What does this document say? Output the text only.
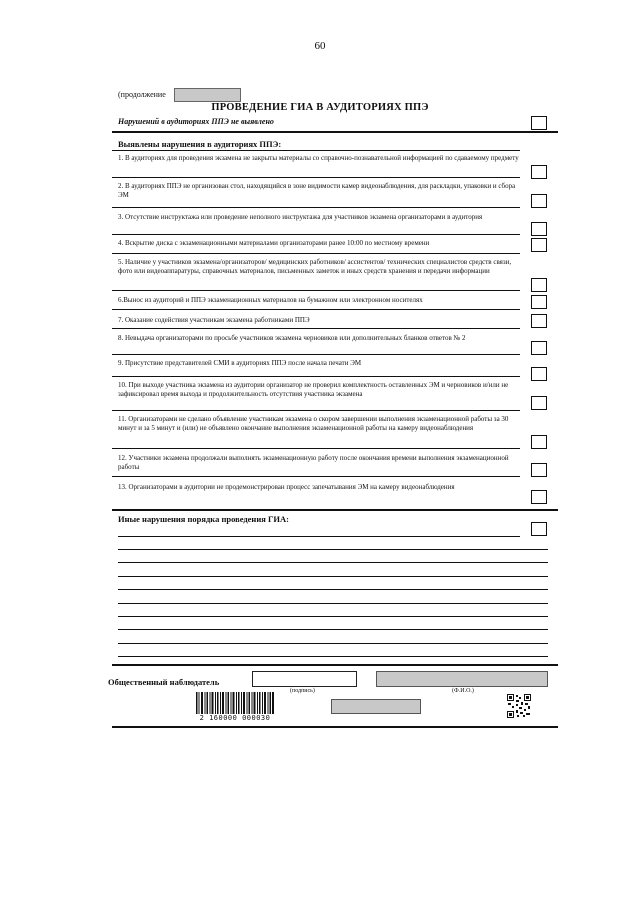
60
(продолжение
ПРОВЕДЕНИЕ ГИА В АУДИТОРИЯХ ППЭ
Нарушений в аудиториях ППЭ не выявлено
Выявлены нарушения в аудиториях ППЭ:
1. В аудиториях для проведения экзамена не закрыты материалы со справочно-познавательной информацией по сдаваемому предмету
2. В аудиториях ППЭ не организован стол, находящийся в зоне видимости камер видеонаблюдения, для раскладки, упаковки и сбора ЭМ
3. Отсутствие инструктажа или проведение неполного инструктажа для участников экзамена организаторами в аудитория
4. Вскрытие диска с экзаменационными материалами организаторами ранее 10:00 по местному времени
5. Наличие у участников экзамена/организаторов/ медицинских работников/ ассистентов/ технических специалистов средств связи, фото или видеоаппаратуры, справочных материалов, письменных заметок и иных средств хранения и передачи информации
6.Вынос из аудиторий и ППЭ экзаменационных материалов на бумажном или электронном носителях
7. Оказание содействия участникам экзамена работниками ППЭ
8. Невыдача организаторами по просьбе участников экзамена черновиков или дополнительных бланков ответов № 2
9. Присутствие представителей СМИ в аудиториях ППЭ после начала печати ЭМ
10. При выходе участника экзамена из аудитории организатор не проверил комплектность оставленных ЭМ и черновиков и/или не зафиксировал время выхода и продолжительность отсутствия участника экзамена
11. Организаторами не сделано объявление участникам экзамена о скором завершении выполнения экзаменационной работы за 30 минут и за 5 минут и (или) не объявлено окончание выполнения экзаменационной работы на камеру видеонаблюдения
12. Участники экзамена продолжали выполнять экзаменационную работу после окончания времени выполнения экзаменационной работы
13. Организаторами в аудитории не продемонстрирован процесс запечатывания ЭМ на камеру видеонаблюдения
Иные нарушения порядка проведения ГИА:
Общественный наблюдатель
(подпись)	(Ф.И.О.)
2 160000 000030
